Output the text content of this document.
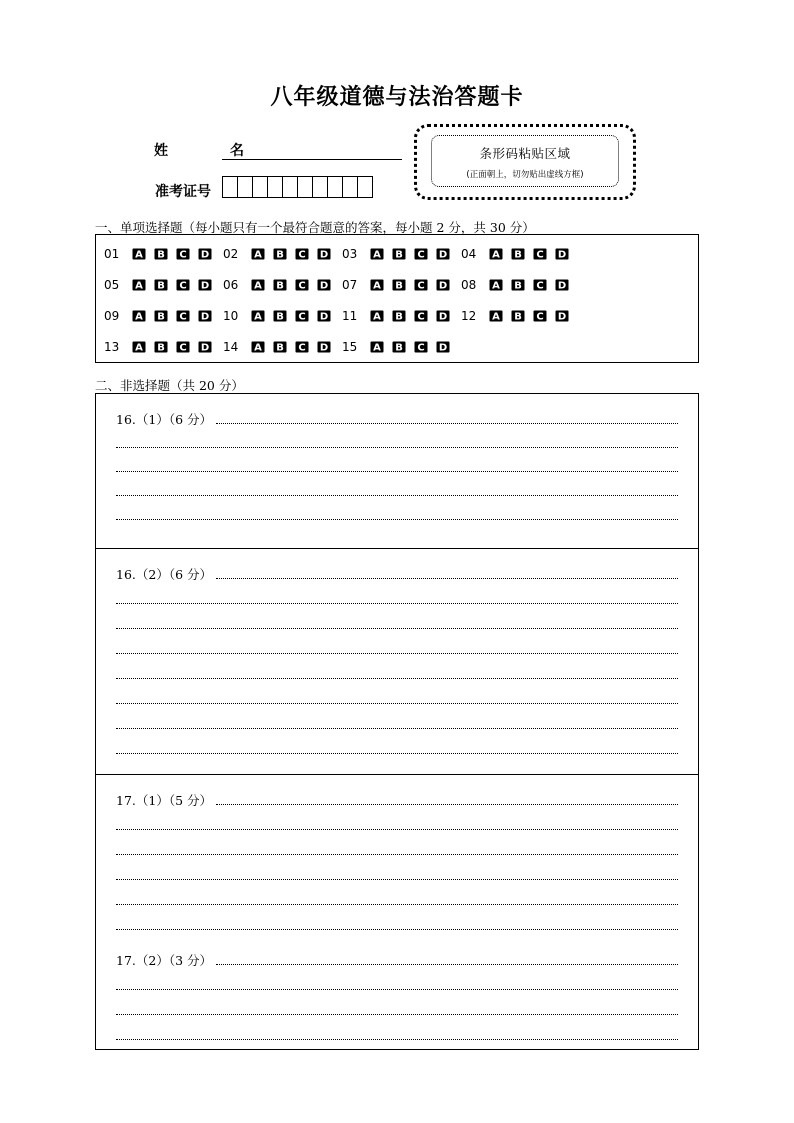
八年级道德与法治答题卡
姓　名
准考证号
条形码粘贴区域
(正面朝上，切勿贴出虚线方框)
一、单项选择题（每小题只有一个最符合题意的答案，每小题 2 分，共 30 分）
01	A B C D 02	A B C D 03	A B C D 04	A B C D
05	A B C D 06	A B C D 07	A B C D 08	A B C D
09	A B C D 10	A B C D 11	A B C D 12	A B C D
13	A B C D 14	A B C D 15	A B C D
二、非选择题（共 20 分）
16.（1）（6 分）
16.（2）（6 分）
17.（1）（5 分）
17.（2）（3 分）
